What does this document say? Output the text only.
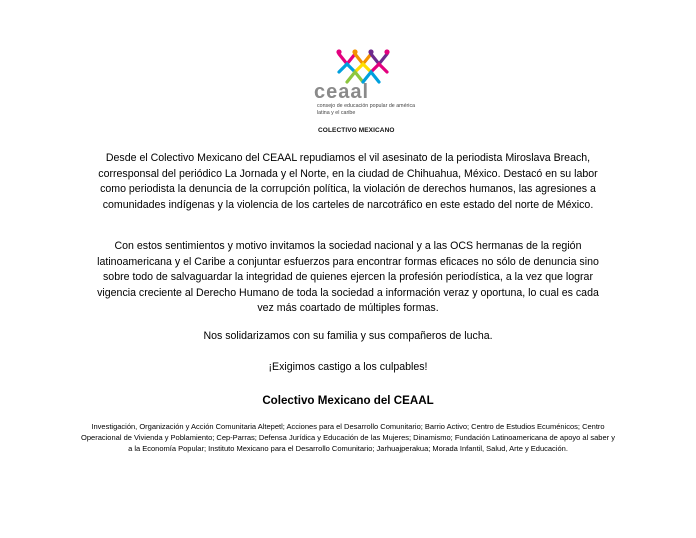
ceaal
consejo de educación popular de américa latina y el caribe
COLECTIVO MEXICANO
Desde el Colectivo Mexicano del CEAAL repudiamos el vil asesinato de la periodista Miroslava Breach, corresponsal del periódico La Jornada y el Norte, en la ciudad de Chihuahua, México. Destacó en su labor como periodista la denuncia de la corrupción política, la violación de derechos humanos, las agresiones a comunidades indígenas y la violencia de los carteles de narcotráfico en este estado del norte de México.
Con estos sentimientos y motivo invitamos la sociedad nacional y a las OCS hermanas de la región latinoamericana y el Caribe a conjuntar esfuerzos para encontrar formas eficaces no sólo de denuncia sino sobre todo de salvaguardar la integridad de quienes ejercen la profesión periodística, a la vez que lograr vigencia creciente al Derecho Humano de toda la sociedad a información veraz y oportuna, lo cual es cada vez más coartado de múltiples formas.
Nos solidarizamos con su familia y sus compañeros de lucha.
¡Exigimos castigo a los culpables!
Colectivo Mexicano del CEAAL
Investigación, Organización y Acción Comunitaria Altepetl; Acciones para el Desarrollo Comunitario; Barrio Activo; Centro de Estudios Ecuménicos; Centro Operacional de Vivienda y Poblamiento; Cep-Parras; Defensa Jurídica y Educación de las Mujeres; Dinamismo; Fundación Latinoamericana de apoyo al saber y a la Economía Popular; Instituto Mexicano para el Desarrollo Comunitario; Jarhuajperakua; Morada Infantil, Salud, Arte y Educación.
